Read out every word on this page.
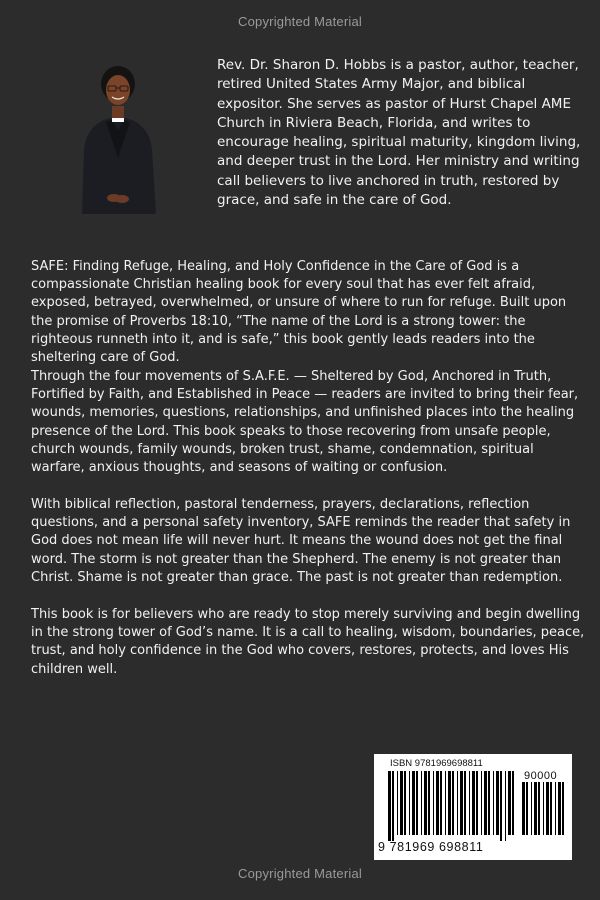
Copyrighted Material

Rev. Dr. Sharon D. Hobbs is a pastor, author, teacher, retired United States Army Major, and biblical expositor. She serves as pastor of Hurst Chapel AME Church in Riviera Beach, Florida, and writes to encourage healing, spiritual maturity, kingdom living, and deeper trust in the Lord. Her ministry and writing call believers to live anchored in truth, restored by grace, and safe in the care of God.

SAFE: Finding Refuge, Healing, and Holy Confidence in the Care of God is a compassionate Christian healing book for every soul that has ever felt afraid, exposed, betrayed, overwhelmed, or unsure of where to run for refuge. Built upon the promise of Proverbs 18:10, “The name of the Lord is a strong tower: the righteous runneth into it, and is safe,” this book gently leads readers into the sheltering care of God.

Through the four movements of S.A.F.E. — Sheltered by God, Anchored in Truth, Fortified by Faith, and Established in Peace — readers are invited to bring their fear, wounds, memories, questions, relationships, and unfinished places into the healing presence of the Lord. This book speaks to those recovering from unsafe people, church wounds, family wounds, broken trust, shame, condemnation, spiritual warfare, anxious thoughts, and seasons of waiting or confusion.

With biblical reflection, pastoral tenderness, prayers, declarations, reflection questions, and a personal safety inventory, SAFE reminds the reader that safety in God does not mean life will never hurt. It means the wound does not get the final word. The storm is not greater than the Shepherd. The enemy is not greater than Christ. Shame is not greater than grace. The past is not greater than redemption.

This book is for believers who are ready to stop merely surviving and begin dwelling in the strong tower of God’s name. It is a call to healing, wisdom, boundaries, peace, trust, and holy confidence in the God who covers, restores, protects, and loves His children well.

ISBN 9781969698811
90000
9 781969 698811
Copyrighted Material
